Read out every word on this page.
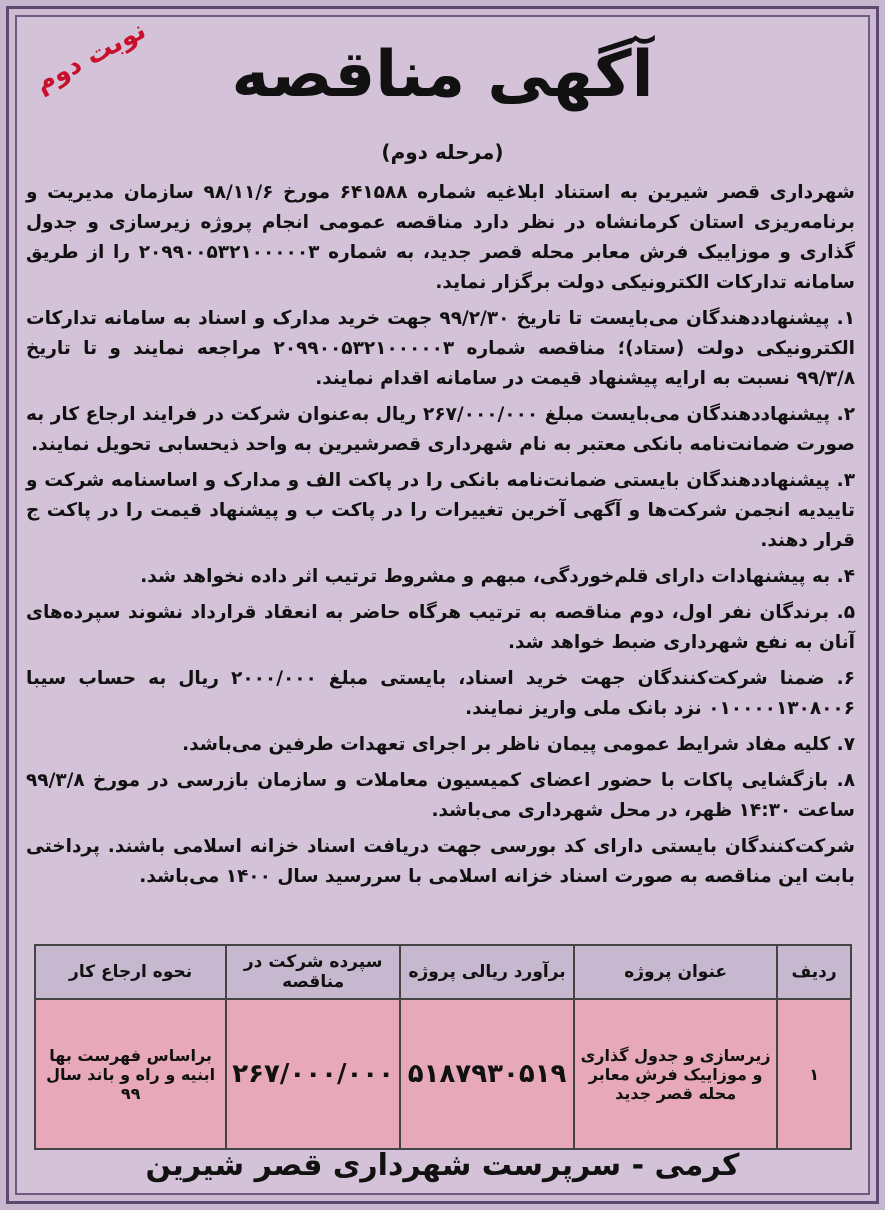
نوبت دوم	آگهی مناقصه
(مرحله دوم)

شهرداری قصر شیرین به استناد ابلاغیه شماره ۶۴۱۵۸۸ مورخ ۹۸/۱۱/۶ سازمان مدیریت و برنامه‌ریزی استان کرمانشاه در نظر دارد مناقصه عمومی انجام پروژه زیرسازی و جدول گذاری و موزاییک فرش معابر محله قصر جدید، به شماره ۲۰۹۹۰۰۵۳۲۱۰۰۰۰۰۳ را از طریق سامانه تدارکات الکترونیکی دولت برگزار نماید.

۱. پیشنهاددهندگان می‌بایست تا تاریخ ۹۹/۲/۳۰ جهت خرید مدارک و اسناد به سامانه تدارکات الکترونیکی دولت (ستاد)؛ مناقصه شماره ۲۰۹۹۰۰۵۳۲۱۰۰۰۰۰۳ مراجعه نمایند و تا تاریخ ۹۹/۳/۸ نسبت به ارایه پیشنهاد قیمت در سامانه اقدام نمایند.

۲. پیشنهاددهندگان می‌بایست مبلغ ۲۶۷/۰۰۰/۰۰۰ ریال به‌عنوان شرکت در فرایند ارجاع کار به صورت ضمانت‌نامه بانکی معتبر به نام شهرداری قصرشیرین به واحد ذیحسابی تحویل نمایند.

۳. پیشنهاددهندگان بایستی ضمانت‌نامه بانکی را در پاکت الف و مدارک و اساسنامه شرکت و تاییدیه انجمن شرکت‌ها و آگهی آخرین تغییرات را در پاکت ب و پیشنهاد قیمت را در پاکت ج قرار دهند.

۴. به پیشنهادات دارای قلم‌خوردگی، مبهم و مشروط ترتیب اثر داده نخواهد شد.

۵. برندگان نفر اول، دوم مناقصه به ترتیب هرگاه حاضر به انعقاد قرارداد نشوند سپرده‌های آنان به نفع شهرداری ضبط خواهد شد.

۶. ضمنا شرکت‌کنندگان جهت خرید اسناد، بایستی مبلغ ۲۰۰۰/۰۰۰ ریال به حساب سیبا ۰۱۰۰۰۰۱۳۰۸۰۰۶ نزد بانک ملی واریز نمایند.

۷. کلیه مفاد شرایط عمومی پیمان ناظر بر اجرای تعهدات طرفین می‌باشد.

۸. بازگشایی پاکات با حضور اعضای کمیسیون معاملات و سازمان بازرسی در مورخ ۹۹/۳/۸ ساعت ۱۴:۳۰ ظهر، در محل شهرداری می‌باشد.

شرکت‌کنندگان بایستی دارای کد بورسی جهت دریافت اسناد خزانه اسلامی باشند. پرداختی بابت این مناقصه به صورت اسناد خزانه اسلامی با سررسید سال ۱۴۰۰ می‌باشد.

ردیف	عنوان پروژه	برآورد ریالی پروژه	سپرده شرکت در مناقصه	نحوه ارجاع کار
۱	زیرسازی و جدول گذاری و موزاییک فرش معابر محله قصر جدید	۵۱۸۷۹۳۰۵۱۹	۲۶۷/۰۰۰/۰۰۰	براساس فهرست بها ابنیه و راه و باند سال ۹۹
کرمی - سرپرست شهرداری قصر شیرین
